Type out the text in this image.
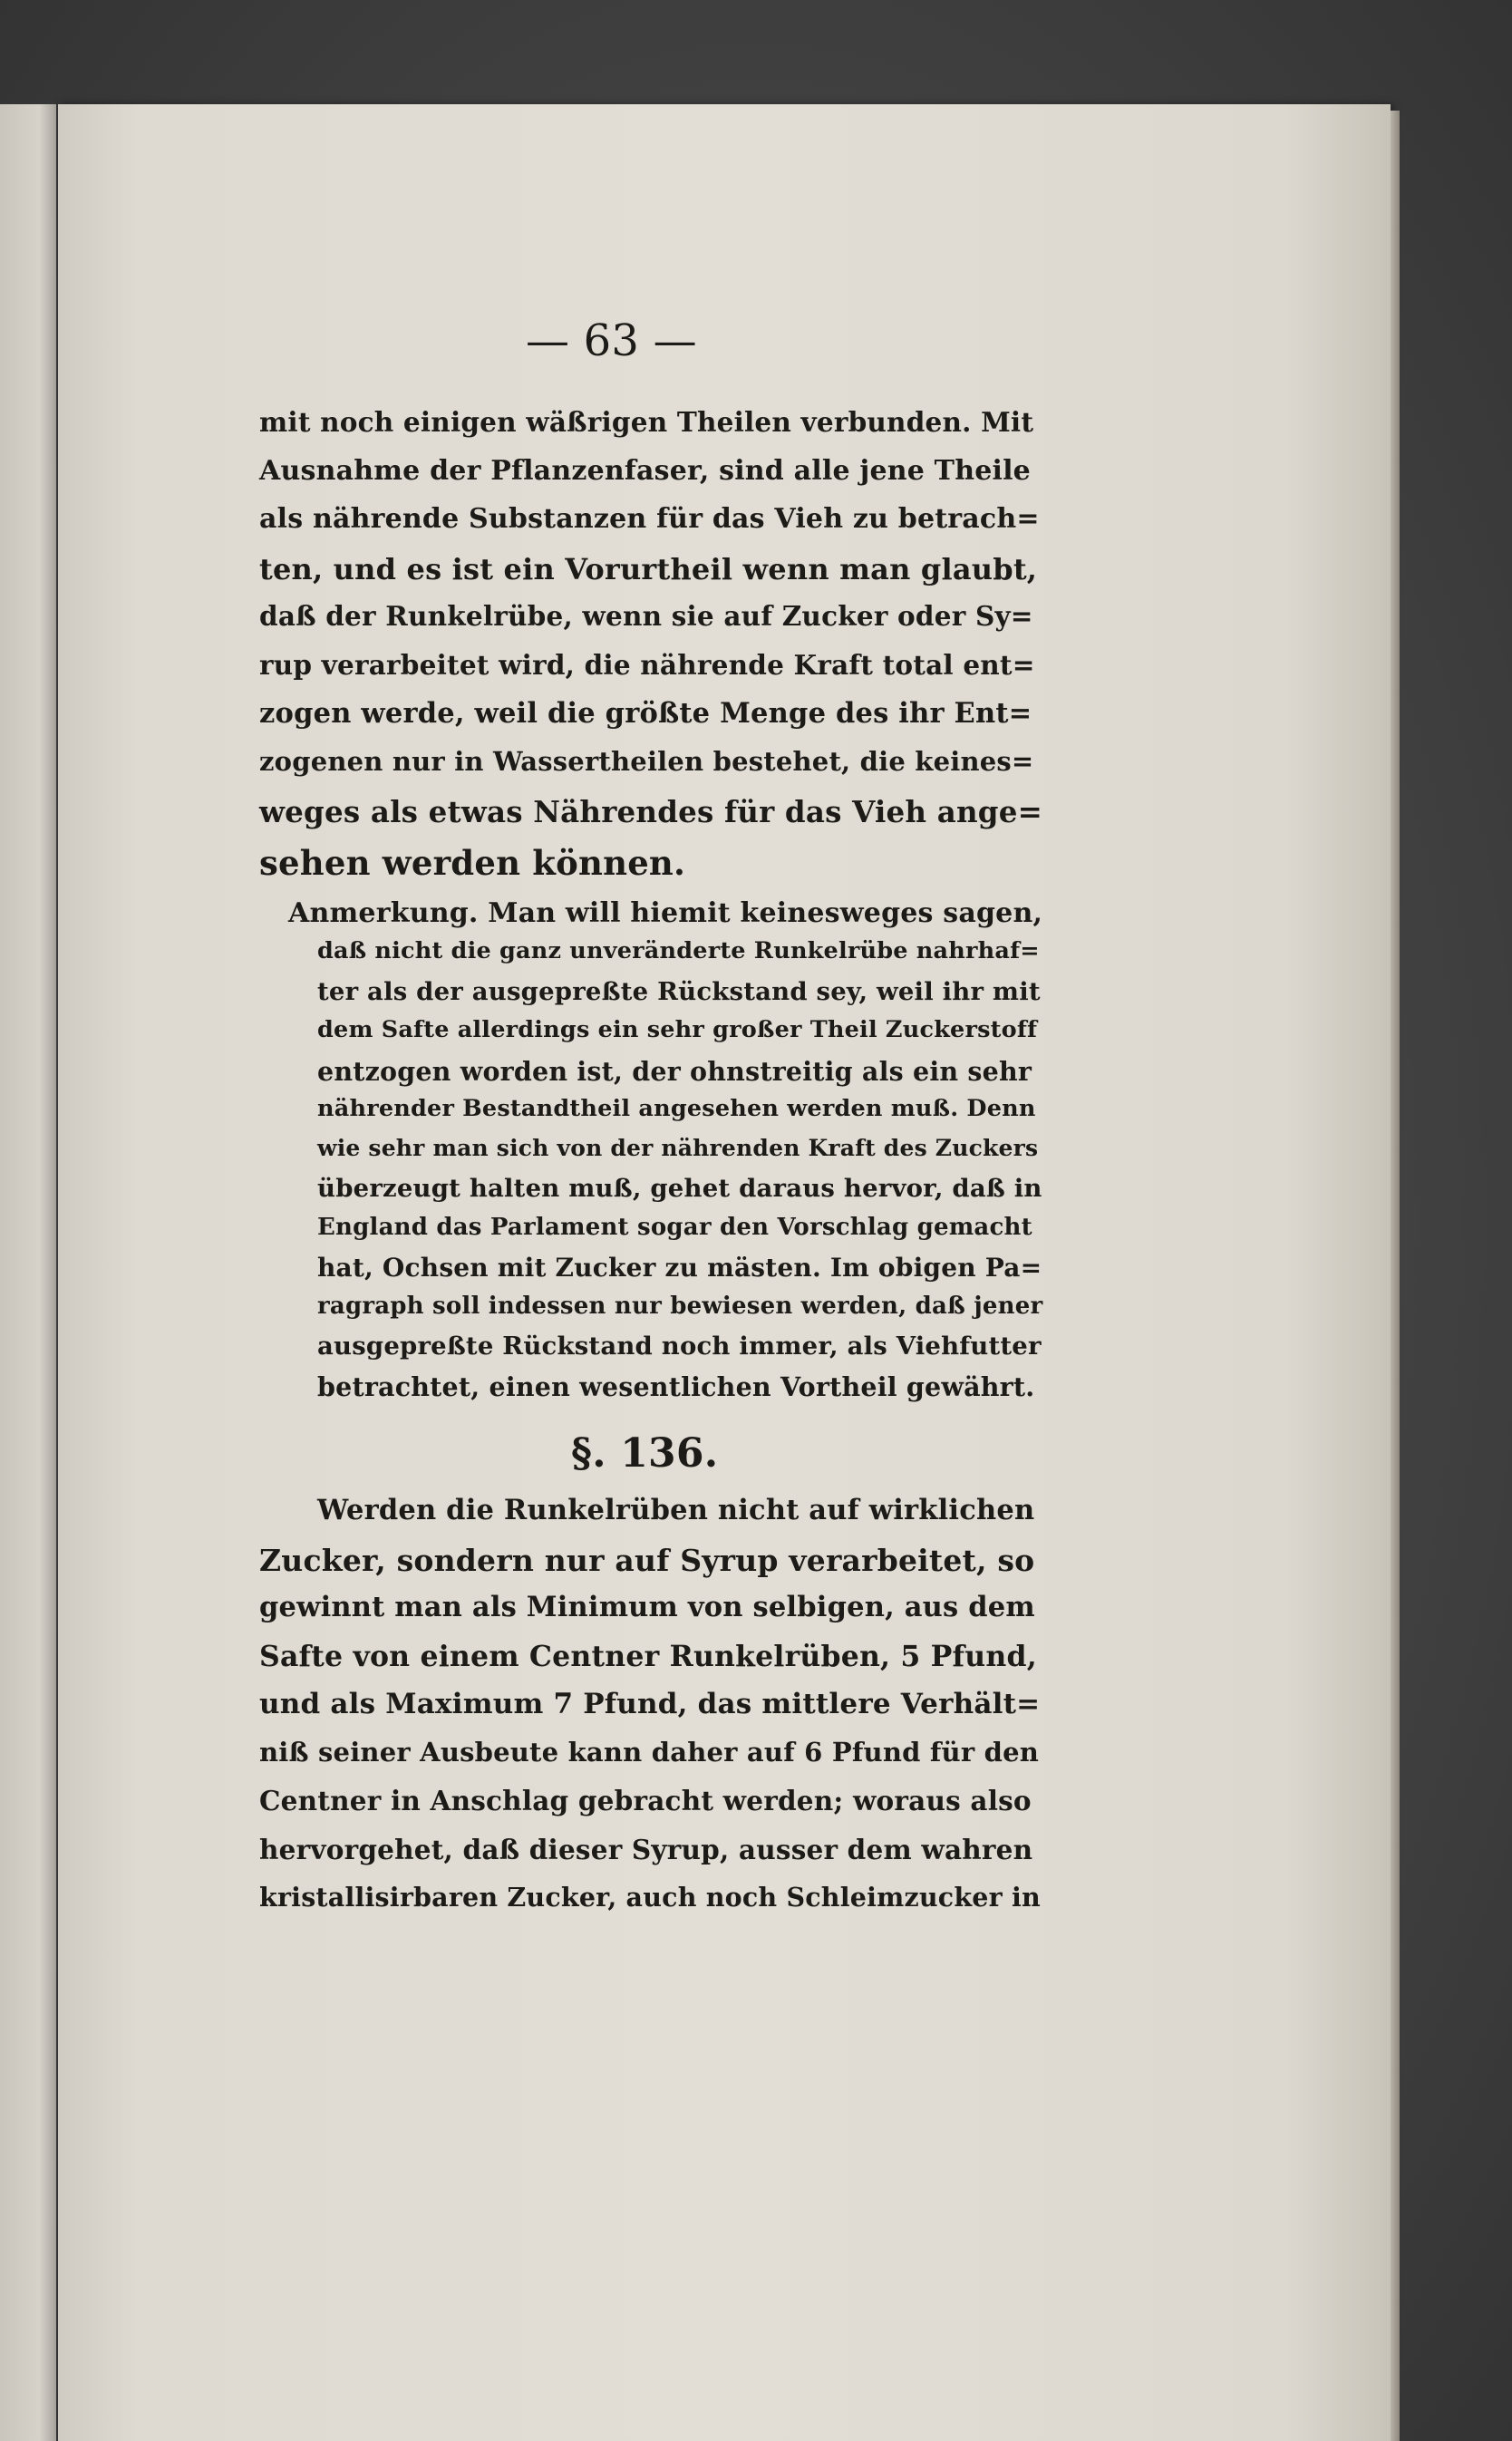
— 63 —
mit noch einigen wäßrigen Theilen verbunden. Mit
Ausnahme der Pflanzenfaser, sind alle jene Theile
als nährende Substanzen für das Vieh zu betrach=
ten, und es ist ein Vorurtheil wenn man glaubt,
daß der Runkelrübe, wenn sie auf Zucker oder Sy=
rup verarbeitet wird, die nährende Kraft total ent=
zogen werde, weil die größte Menge des ihr Ent=
zogenen nur in Wassertheilen bestehet, die keines=
weges als etwas Nährendes für das Vieh ange=
sehen werden können.
Anmerkung. Man will hiemit keinesweges sagen,
daß nicht die ganz unveränderte Runkelrübe nahrhaf=
ter als der ausgepreßte Rückstand sey, weil ihr mit
dem Safte allerdings ein sehr großer Theil Zuckerstoff
entzogen worden ist, der ohnstreitig als ein sehr
nährender Bestandtheil angesehen werden muß. Denn
wie sehr man sich von der nährenden Kraft des Zuckers
überzeugt halten muß, gehet daraus hervor, daß in
England das Parlament sogar den Vorschlag gemacht
hat, Ochsen mit Zucker zu mästen. Im obigen Pa=
ragraph soll indessen nur bewiesen werden, daß jener
ausgepreßte Rückstand noch immer, als Viehfutter
betrachtet, einen wesentlichen Vortheil gewährt.
§. 136.
Werden die Runkelrüben nicht auf wirklichen
Zucker, sondern nur auf Syrup verarbeitet, so
gewinnt man als Minimum von selbigen, aus dem
Safte von einem Centner Runkelrüben, 5 Pfund,
und als Maximum 7 Pfund, das mittlere Verhält=
niß seiner Ausbeute kann daher auf 6 Pfund für den
Centner in Anschlag gebracht werden; woraus also
hervorgehet, daß dieser Syrup, ausser dem wahren
kristallisirbaren Zucker, auch noch Schleimzucker in
